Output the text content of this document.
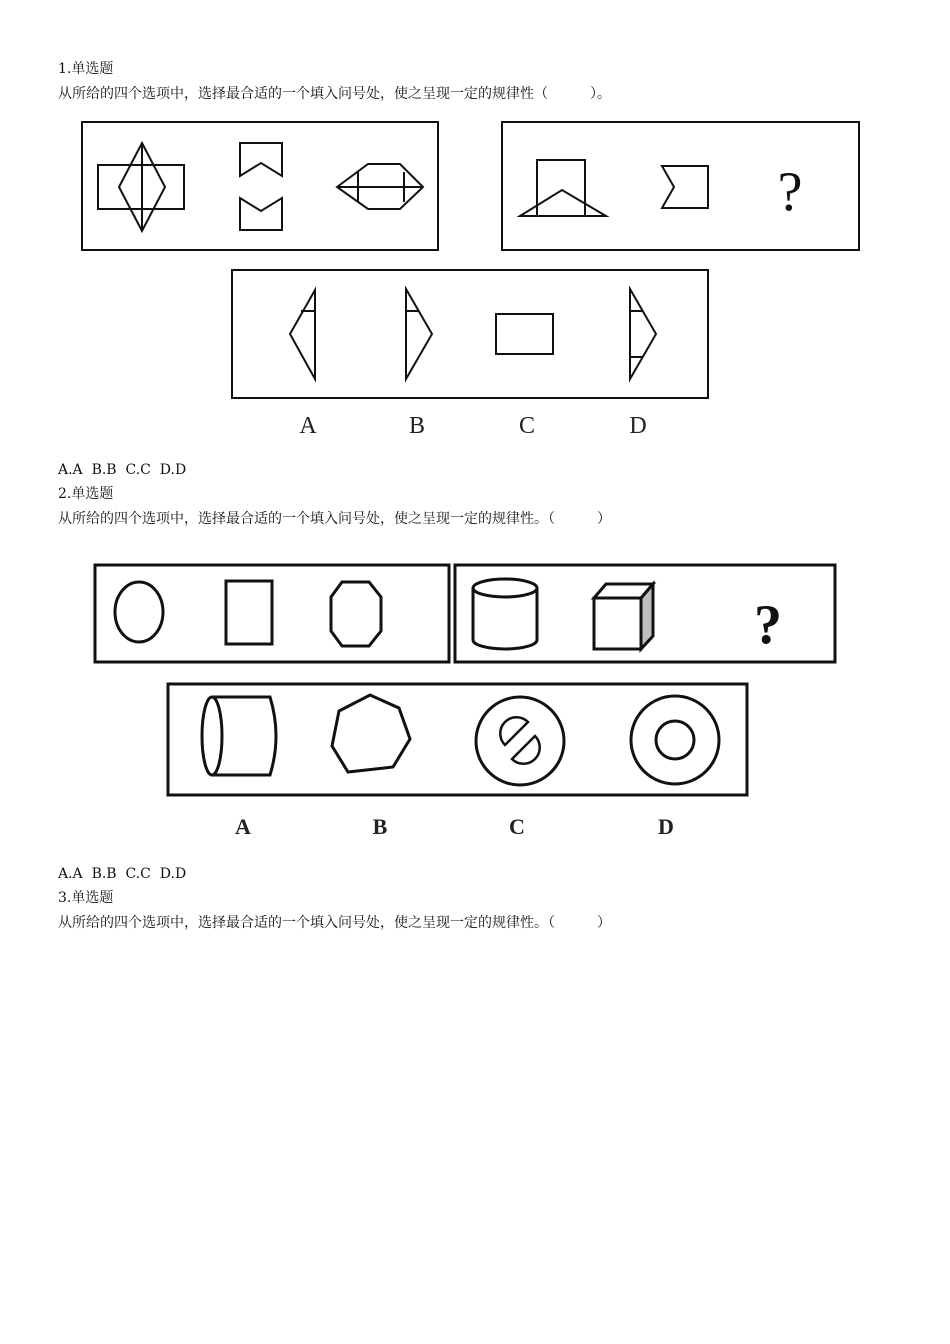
1.单选题
从所给的四个选项中，选择最合适的一个填入问号处，使之呈现一定的规律性（　　　）。
?
A	B	C	D
A.A  B.B  C.C  D.D
2.单选题
从所给的四个选项中，选择最合适的一个填入问号处，使之呈现一定的规律性。（　　　）
?
A	B	C	D
A.A  B.B  C.C  D.D
3.单选题
从所给的四个选项中，选择最合适的一个填入问号处，使之呈现一定的规律性。（　　　）
